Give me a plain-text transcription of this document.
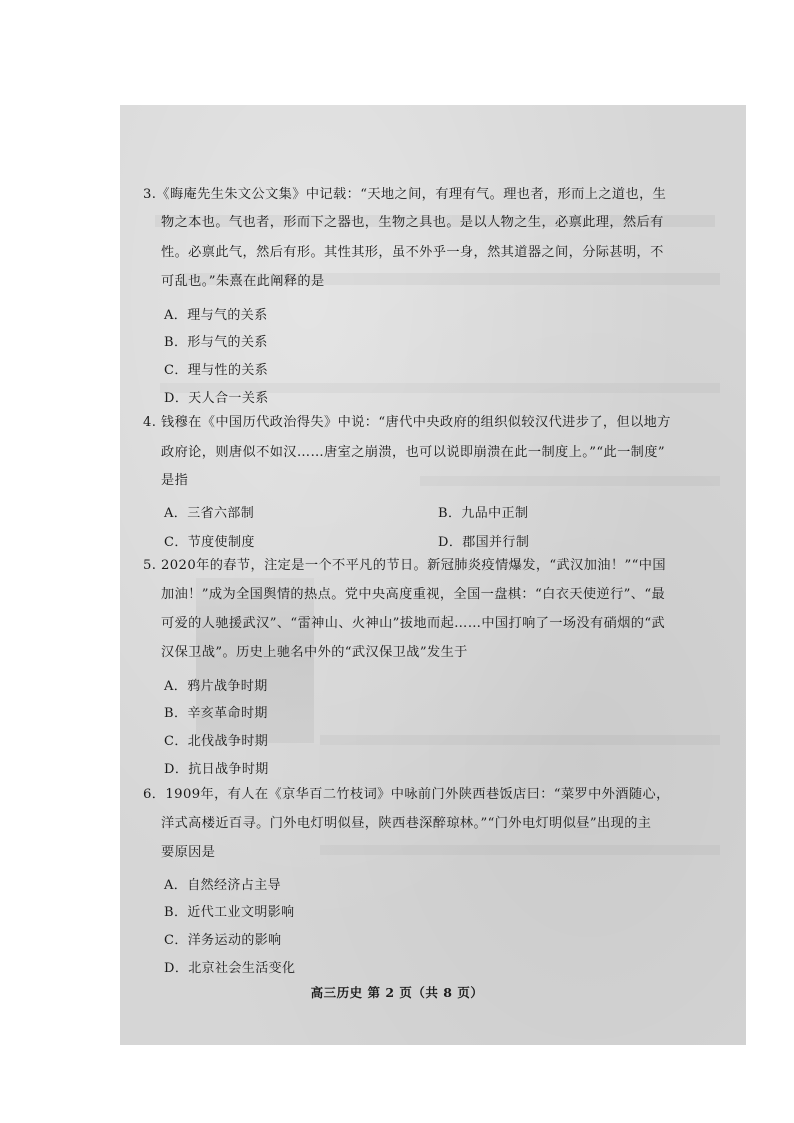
3.《晦庵先生朱文公文集》中记载：“天地之间，有理有气。理也者，形而上之道也，生
物之本也。气也者，形而下之器也，生物之具也。是以人物之生，必禀此理，然后有
性。必禀此气，然后有形。其性其形，虽不外乎一身，然其道器之间，分际甚明，不
可乱也。”朱熹在此阐释的是
A．理与气的关系
B．形与气的关系
C．理与性的关系
D．天人合一关系
4. 钱穆在《中国历代政治得失》中说：“唐代中央政府的组织似较汉代进步了，但以地方
政府论，则唐似不如汉……唐室之崩溃，也可以说即崩溃在此一制度上。”“此一制度”
是指
A．三省六部制	B．九品中正制
C．节度使制度	D．郡国并行制
5. 2020年的春节，注定是一个不平凡的节日。新冠肺炎疫情爆发，“武汉加油！”“中国
加油！”成为全国舆情的热点。党中央高度重视，全国一盘棋：“白衣天使逆行”、“最
可爱的人驰援武汉”、“雷神山、火神山”拔地而起……中国打响了一场没有硝烟的“武
汉保卫战”。历史上驰名中外的“武汉保卫战”发生于
A．鸦片战争时期
B．辛亥革命时期
C．北伐战争时期
D．抗日战争时期
6．1909年，有人在《京华百二竹枝词》中咏前门外陕西巷饭店曰：“菜罗中外酒随心，
洋式高楼近百寻。门外电灯明似昼，陕西巷深醉琼林。”“门外电灯明似昼”出现的主
要原因是
A．自然经济占主导
B．近代工业文明影响
C．洋务运动的影响
D．北京社会生活变化
高三历史 第 2 页（共 8 页）
